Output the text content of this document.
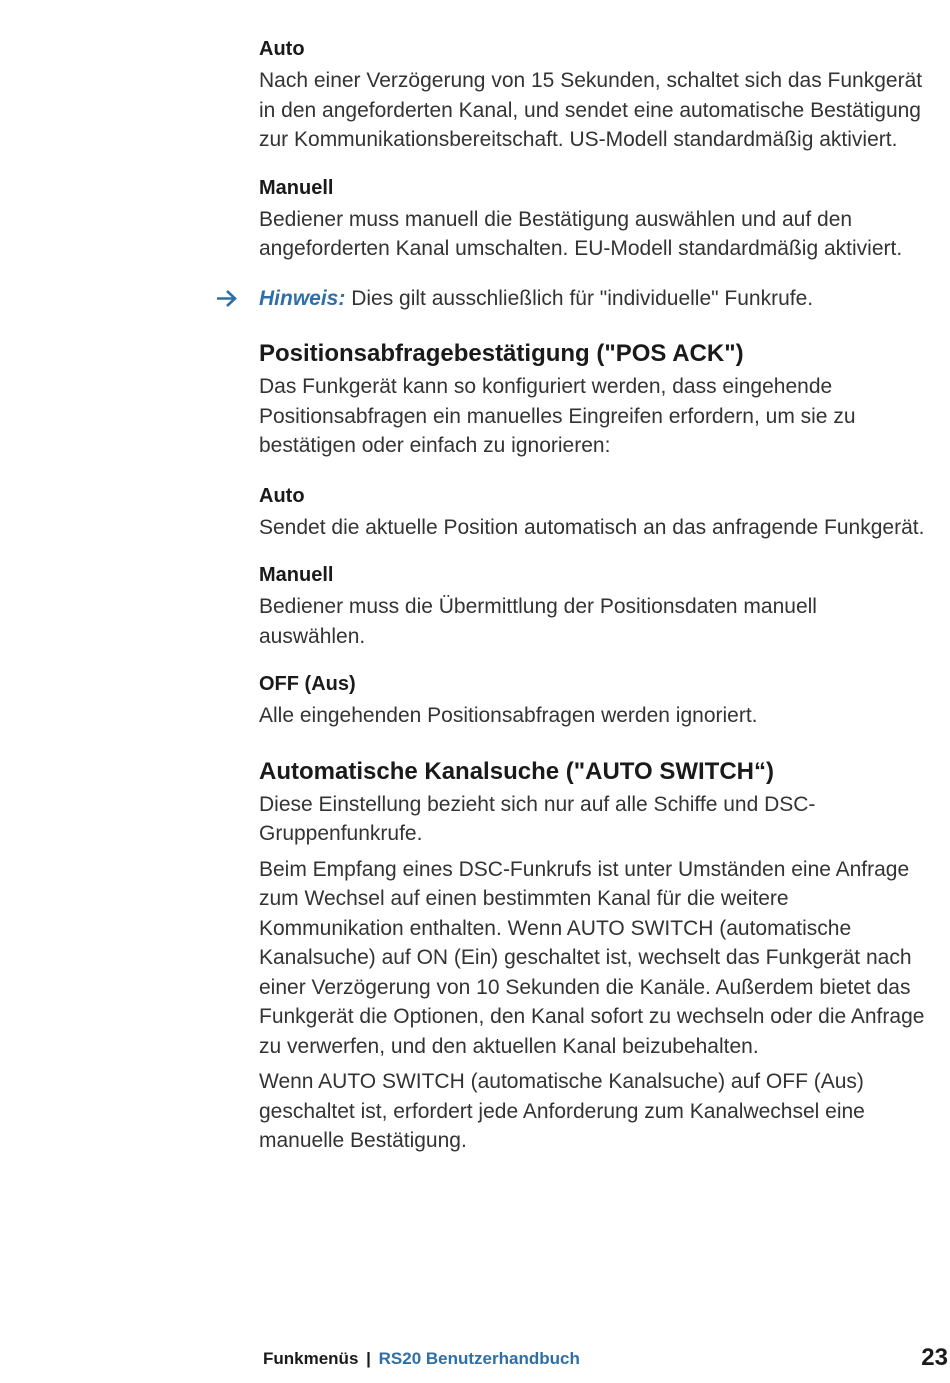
Auto

Nach einer Verzögerung von 15 Sekunden, schaltet sich das Funkgerät in den angeforderten Kanal, und sendet eine automatische Bestätigung zur Kommunikationsbereitschaft. US-Modell standardmäßig aktiviert.

Manuell

Bediener muss manuell die Bestätigung auswählen und auf den angeforderten Kanal umschalten. EU-Modell standardmäßig aktiviert.

Hinweis: Dies gilt ausschließlich für "individuelle" Funkrufe.

Positionsabfragebestätigung ("POS ACK")

Das Funkgerät kann so konfiguriert werden, dass eingehende Positionsabfragen ein manuelles Eingreifen erfordern, um sie zu bestätigen oder einfach zu ignorieren:

Auto

Sendet die aktuelle Position automatisch an das anfragende Funkgerät.

Manuell

Bediener muss die Übermittlung der Positionsdaten manuell auswählen.

OFF (Aus)

Alle eingehenden Positionsabfragen werden ignoriert.

Automatische Kanalsuche ("AUTO SWITCH“)

Diese Einstellung bezieht sich nur auf alle Schiffe und DSC-Gruppenfunkrufe.

Beim Empfang eines DSC-Funkrufs ist unter Umständen eine Anfrage zum Wechsel auf einen bestimmten Kanal für die weitere Kommunikation enthalten. Wenn AUTO SWITCH (automatische Kanalsuche) auf ON (Ein) geschaltet ist, wechselt das Funkgerät nach einer Verzögerung von 10 Sekunden die Kanäle. Außerdem bietet das Funkgerät die Optionen, den Kanal sofort zu wechseln oder die Anfrage zu verwerfen, und den aktuellen Kanal beizubehalten.

Wenn AUTO SWITCH (automatische Kanalsuche) auf OFF (Aus) geschaltet ist, erfordert jede Anforderung zum Kanalwechsel eine manuelle Bestätigung.

Funkmenüs | RS20 Benutzerhandbuch	23
